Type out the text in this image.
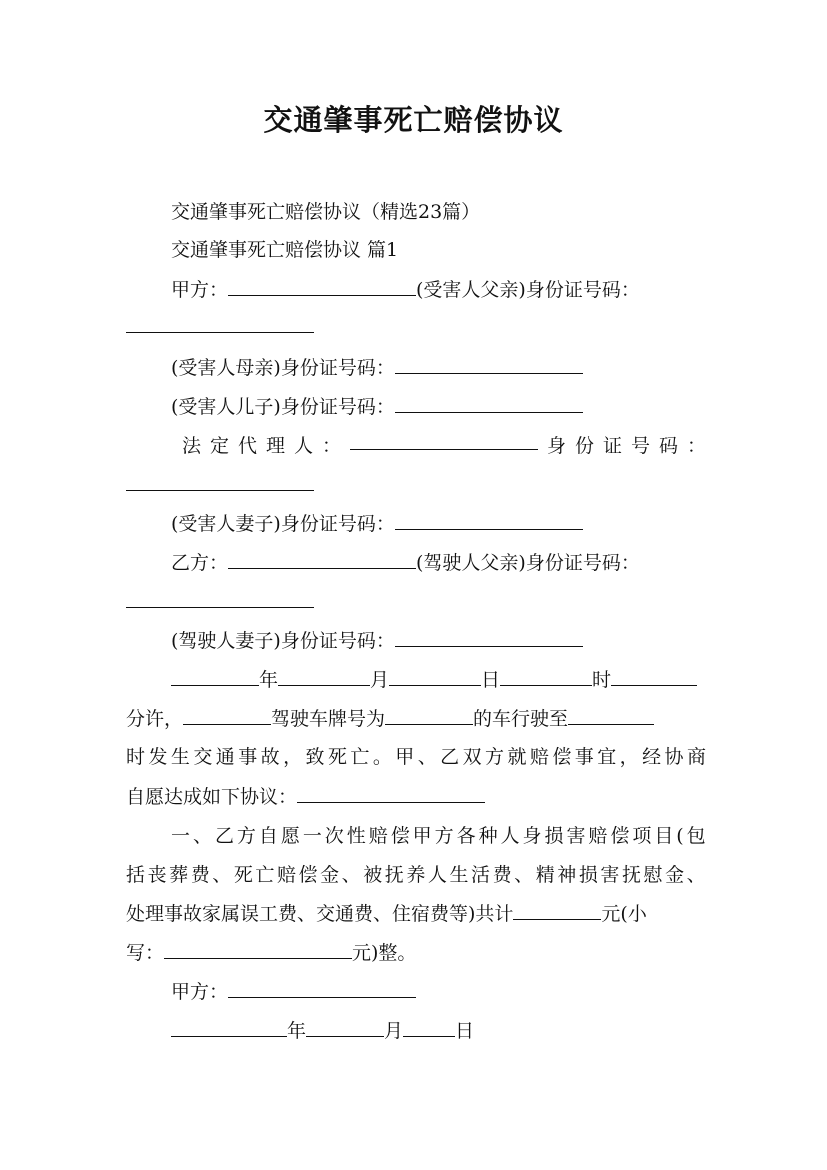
交通肇事死亡赔偿协议
交通肇事死亡赔偿协议（精选23篇）
交通肇事死亡赔偿协议 篇1
甲方：	(受害人父亲)身份证号码：
(受害人母亲)身份证号码：
(受害人儿子)身份证号码：
法 定 代 理 人 ：	身 份 证 号 码 ：
(受害人妻子)身份证号码：
乙方：	(驾驶人父亲)身份证号码：
(驾驶人妻子)身份证号码：
年	月	日	时
分许，	驾驶车牌号为	的车行驶至
时 发 生 交 通 事 故 ， 致 死 亡 。 甲 、 乙 双 方 就 赔 偿 事 宜 ， 经 协 商
自愿达成如下协议：
一 、 乙 方 自 愿 一 次 性 赔 偿 甲 方 各 种 人 身 损 害 赔 偿 项 目 ( 包
括 丧 葬 费 、 死 亡 赔 偿 金 、 被 抚 养 人 生 活 费 、 精 神 损 害 抚 慰 金 、
处理事故家属误工费、交通费、住宿费等)共计	元(小
写：	元)整。
甲方：
年	月	日
